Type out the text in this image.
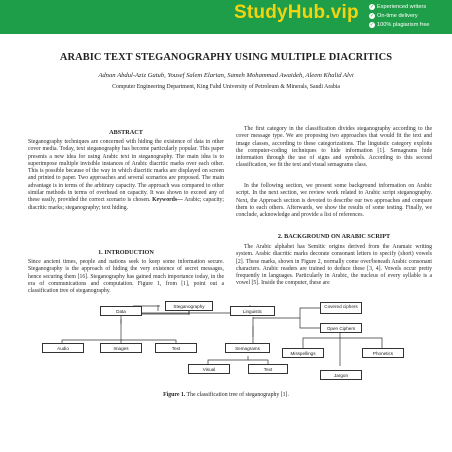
StudyHub.vip ✓ Experienced writers
✓ On-time delivery
✓ 100% plagiarism free
ARABIC TEXT STEGANOGRAPHY USING MULTIPLE DIACRITICS
Adnan Abdul-Aziz Gutub, Yousef Salem Elarian, Sameh Mohammad Awaideh, Aleem Khalid Alvi
Computer Engineering Department, King Fahd University of Petroleum & Minerals, Saudi Arabia
ABSTRACT
Steganography techniques are concerned with hiding the existence of data in other cover media. Today, text steganography has become particularly popular. This paper presents a new idea for using Arabic text in steganography. The main idea is to superimpose multiple invisible instances of Arabic diacritic marks over each other. This is possible because of the way in which diacritic marks are displayed on screen and printed to paper. Two approaches and several scenarios are proposed. The main advantage is in terms of the arbitrary capacity. The approach was compared to other similar methods in terms of overhead on capacity. It was shown to exceed any of these easily, provided the correct scenario is chosen. Keywords— Arabic; capacity; diacritic marks; steganography; text hiding.
1. INTRODUCTION
Since ancient times, people and nations seek to keep some information secure. Steganography is the approach of hiding the very existence of secret messages, hence securing them [16]. Steganography has gained much importance today, in the era of communications and computation. Figure 1, from [1], point out a classification tree of steganography.
The first category in the classification divides steganography according to the cover message type. We are proposing two approaches that would fit the text and image classes, according to these categorizations. The linguistic category exploits the computer-coding techniques to hide information [1]. Semagrams hide information through the use of signs and symbols. According to this second classification, we fit the text and visual semagrams class.
In the following section, we present some background information on Arabic script. In the next section, we review work related to Arabic script steganography. Next, the Approach section is devoted to describe our two approaches and compare them to each others. Afterwards, we show the results of some testing. Finally, we conclude, acknowledge and provide a list of references.
2. BACKGROUND ON ARABIC SCRIPT
The Arabic alphabet has Semitic origins derived from the Aramaic writing system. Arabic diacritic marks decorate consonant letters to specify (short) vowels [2]. These marks, shown in Figure 2, normally come over/beneath Arabic consonant characters. Arabic readers are trained to deduce these [3, 4]. Vowels occur pretty frequently in languages. Particularly in Arabic, the nucleus of every syllable is a vowel [5]. Inside the computer, these are
Steganography
Data	Linguistic
Covered ciphers
Open Ciphers
Audio	Images	Text	Semagrams
Misspellings	Phonetics
Visual	Text
Jargon
Figure 1. The classification tree of steganography [1].
